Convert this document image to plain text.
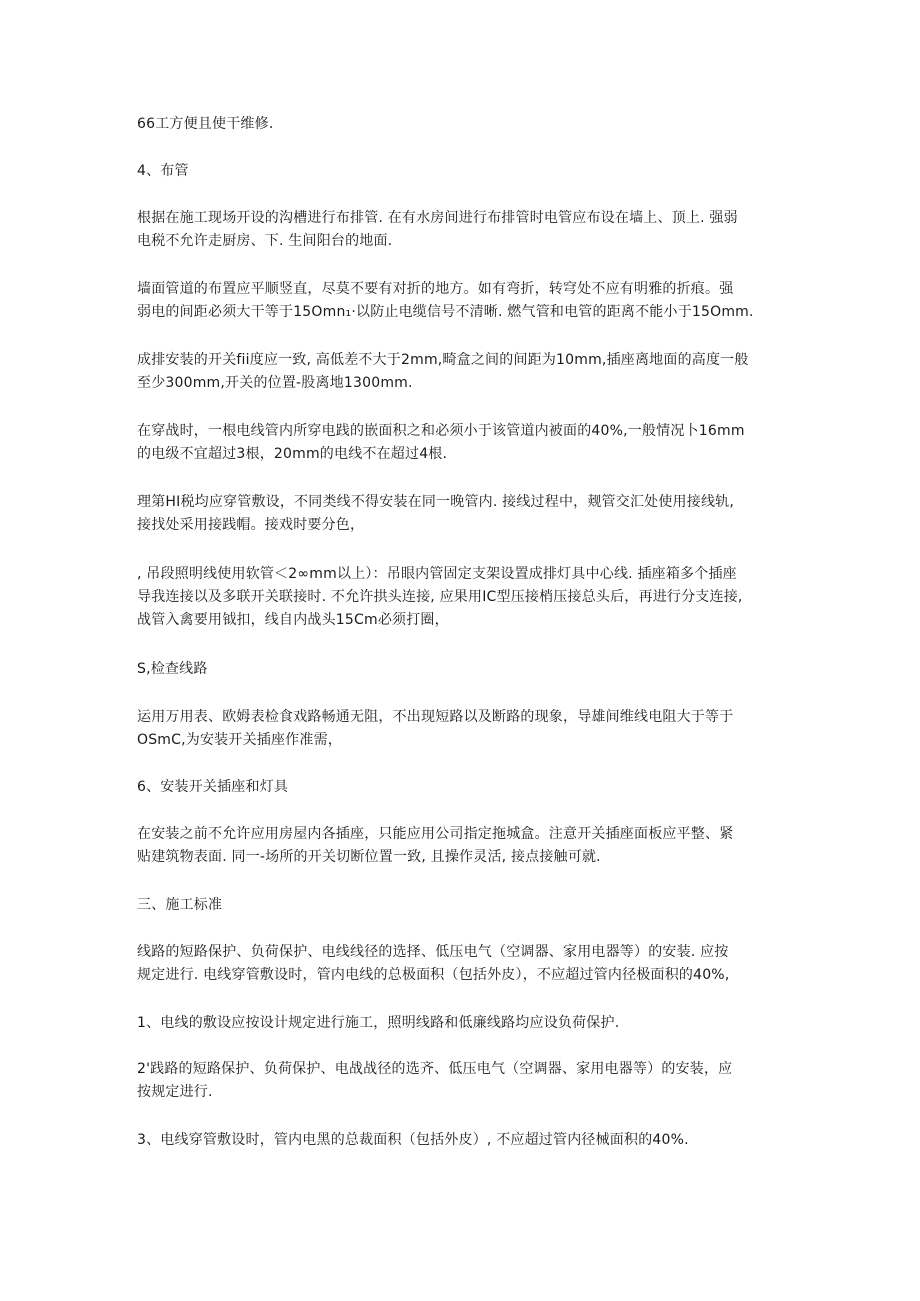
66工方便且使干维修.
4、布管
根据在施工现场开设的沟槽进行布排管. 在有水房间进行布排管时电管应布设在墙上、顶上. 强弱
电税不允许走厨房、下. 生间阳台的地面.
墙面管道的布置应平顺竖直，尽莫不要有对折的地方。如有弯折，转穹处不应有明雅的折痕。强
弱电的间距必须大干等于15Omn₁·以防止电缆信号不清晰. 燃气管和电管的距离不能小于15Omm.
成排安装的开关fii度应一致, 高低差不大于2mm,畸盒之间的间距为10mm,插座离地面的高度一般
至少300mm,开关的位置-股离地1300mm.
在穿战时，一根电线管内所穿电践的嵌面积之和必须小于该管道内被面的40%,一般情况卜16mm
的电级不宜超过3根，20mm的电线不在超过4根.
理第HI税均应穿管敷设，不同类线不得安装在同一晚管内. 接线过程中，觌管交汇处使用接线轨,
接找处采用接践帽。接戏时要分色，
, 吊段照明线使用软管＜2∞mm以上）：吊眼内管固定支架设置成排灯具中心线. 插座箱多个插座
导我连接以及多联开关联接时. 不允许拱头连接, 应果用IC型压接梢压接总头后，再进行分支连接,
战管入禽要用钺扣，线自内战头15Cm必须打圈，
S,检查线路
运用万用表、欧姆表检食戏路畅通无阻，不出现短路以及断路的现象，导雄间维线电阻大于等于
OSmC,为安装开关插座作准需，
6、安装开关插座和灯具
在安装之前不允许应用房屋内各插座，只能应用公司指定拖城盒。注意开关插座面板应平整、紧
贴建筑物表面. 同一-场所的开关切断位置一致, 且操作灵活, 接点接触可就.
三、施工标准
线路的短路保护、负荷保护、电线线径的选择、低压电气（空调器、家用电器等）的安装. 应按
规定进行. 电线穿管敷设时，管内电线的总极面积（包括外皮），不应超过管内径极面积的40%,
1、电线的敷设应按设计规定进行施工，照明线路和低廉线路均应设负荷保护.
2'践路的短路保护、负荷保护、电战战径的选齐、低压电气（空调器、家用电器等）的安装，应
按规定进行.
3、电线穿管敷设时，管内电黑的总裁面积（包括外皮）, 不应超过管内径械面积的40%.
